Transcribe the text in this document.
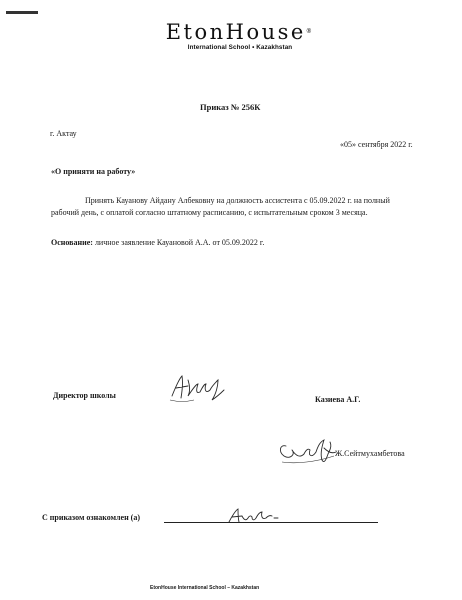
EtonHouse®
International School • Kazakhstan
Приказ № 256К
г. Актау
«05» сентября 2022 г.
«О приняти на работу»
Принять Кауанову Айдану Албековну на должность ассистента с 05.09.2022 г. на полный
рабочий день, с оплатой согласно штатному расписанию, с испытательным сроком 3 месяца.
Основание: личное заявление Кауановой А.А. от 05.09.2022 г.
Директор школы	Казиева А.Г.
Ж.Сейтмухамбетова
С приказом ознакомлен (а)
EtonHouse International School – Kazakhstan
